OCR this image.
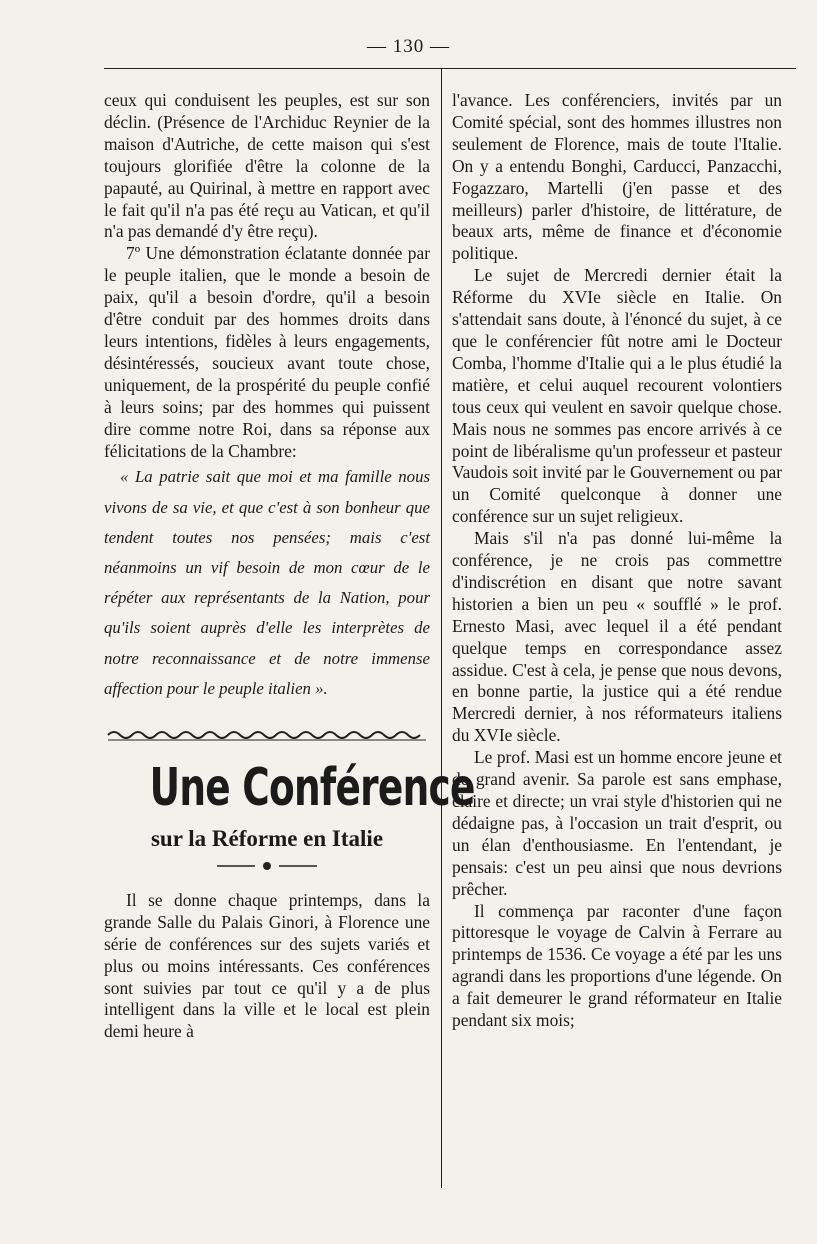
— 130 —

ceux qui conduisent les peuples, est sur son déclin. (Présence de l'Archiduc Reynier de la maison d'Autriche, de cette maison qui s'est toujours glorifiée d'être la colonne de la papauté, au Quirinal, à mettre en rapport avec le fait qu'il n'a pas été reçu au Vatican, et qu'il n'a pas demandé d'y être reçu).

7º Une démonstration éclatante donnée par le peuple italien, que le monde a besoin de paix, qu'il a besoin d'ordre, qu'il a besoin d'être conduit par des hommes droits dans leurs intentions, fidèles à leurs engagements, désintéressés, soucieux avant toute chose, uniquement, de la prospérité du peuple confié à leurs soins; par des hommes qui puissent dire comme notre Roi, dans sa réponse aux félicitations de la Chambre:

« La patrie sait que moi et ma famille nous vivons de sa vie, et que c'est à son bonheur que tendent toutes nos pensées; mais c'est néanmoins un vif besoin de mon cœur de le répéter aux représentants de la Nation, pour qu'ils soient auprès d'elle les interprètes de notre reconnaissance et de notre immense affection pour le peuple italien ».

Une Conférence
sur la Réforme en Italie

Il se donne chaque printemps, dans la grande Salle du Palais Ginori, à Florence une série de conférences sur des sujets variés et plus ou moins intéressants. Ces conférences sont suivies par tout ce qu'il y a de plus intelligent dans la ville et le local est plein demi heure à

l'avance. Les conférenciers, invités par un Comité spécial, sont des hommes illustres non seulement de Florence, mais de toute l'Italie. On y a entendu Bonghi, Carducci, Panzacchi, Fogazzaro, Martelli (j'en passe et des meilleurs) parler d'histoire, de littérature, de beaux arts, même de finance et d'économie politique.

Le sujet de Mercredi dernier était la Réforme du XVIe siècle en Italie. On s'attendait sans doute, à l'énoncé du sujet, à ce que le conférencier fût notre ami le Docteur Comba, l'homme d'Italie qui a le plus étudié la matière, et celui auquel recourent volontiers tous ceux qui veulent en savoir quelque chose. Mais nous ne sommes pas encore arrivés à ce point de libéralisme qu'un professeur et pasteur Vaudois soit invité par le Gouvernement ou par un Comité quelconque à donner une conférence sur un sujet religieux.

Mais s'il n'a pas donné lui-même la conférence, je ne crois pas commettre d'indiscrétion en disant que notre savant historien a bien un peu « soufflé » le prof. Ernesto Masi, avec lequel il a été pendant quelque temps en correspondance assez assidue. C'est à cela, je pense que nous devons, en bonne partie, la justice qui a été rendue Mercredi dernier, à nos réformateurs italiens du XVIe siècle.

Le prof. Masi est un homme encore jeune et de grand avenir. Sa parole est sans emphase, claire et directe; un vrai style d'historien qui ne dédaigne pas, à l'occasion un trait d'esprit, ou un élan d'enthousiasme. En l'entendant, je pensais: c'est un peu ainsi que nous devrions prêcher.

Il commença par raconter d'une façon pittoresque le voyage de Calvin à Ferrare au printemps de 1536. Ce voyage a été par les uns agrandi dans les proportions d'une légende. On a fait demeurer le grand réformateur en Italie pendant six mois;
